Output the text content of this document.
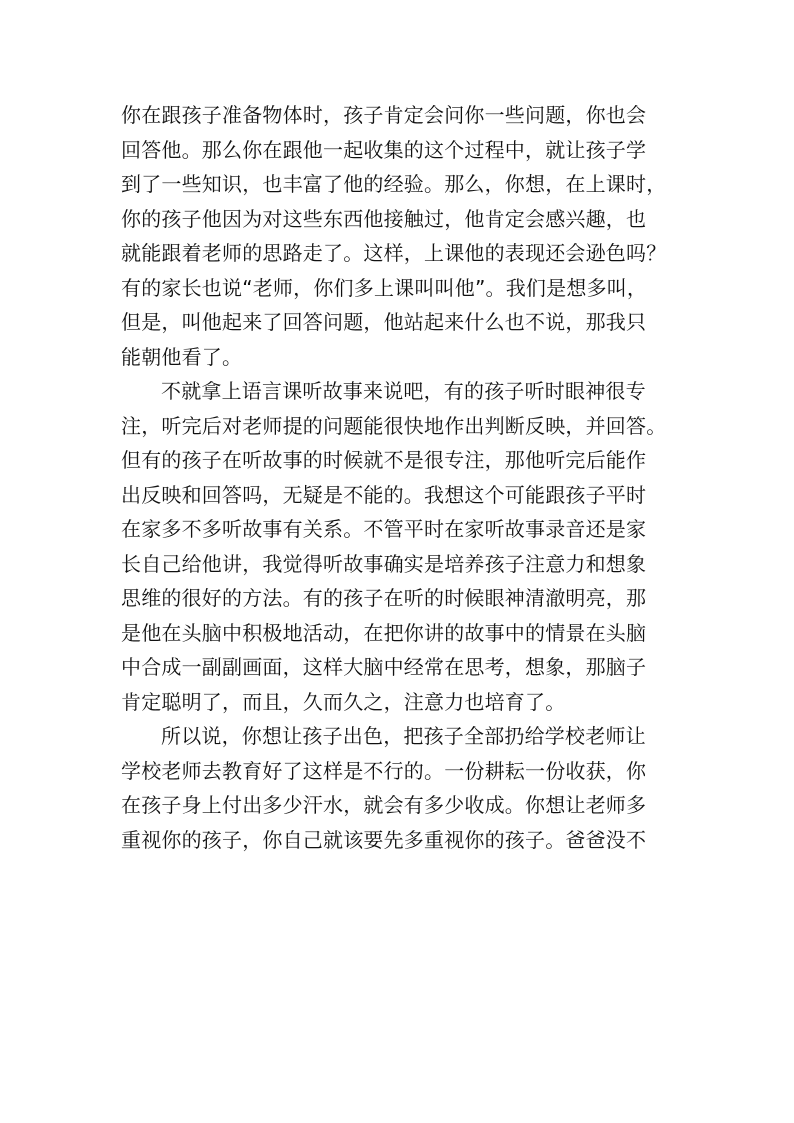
你在跟孩子准备物体时，孩子肯定会问你一些问题，你也会
回答他。那么你在跟他一起收集的这个过程中，就让孩子学
到了一些知识，也丰富了他的经验。那么，你想，在上课时，
你的孩子他因为对这些东西他接触过，他肯定会感兴趣，也
就能跟着老师的思路走了。这样，上课他的表现还会逊色吗？
有的家长也说“老师，你们多上课叫叫他”。我们是想多叫，
但是，叫他起来了回答问题，他站起来什么也不说，那我只
能朝他看了。
不就拿上语言课听故事来说吧，有的孩子听时眼神很专
注，听完后对老师提的问题能很快地作出判断反映，并回答。
但有的孩子在听故事的时候就不是很专注，那他听完后能作
出反映和回答吗，无疑是不能的。我想这个可能跟孩子平时
在家多不多听故事有关系。不管平时在家听故事录音还是家
长自己给他讲，我觉得听故事确实是培养孩子注意力和想象
思维的很好的方法。有的孩子在听的时候眼神清澈明亮，那
是他在头脑中积极地活动，在把你讲的故事中的情景在头脑
中合成一副副画面，这样大脑中经常在思考，想象，那脑子
肯定聪明了，而且，久而久之，注意力也培育了。
所以说，你想让孩子出色，把孩子全部扔给学校老师让
学校老师去教育好了这样是不行的。一份耕耘一份收获，你
在孩子身上付出多少汗水，就会有多少收成。你想让老师多
重视你的孩子，你自己就该要先多重视你的孩子。爸爸没不
